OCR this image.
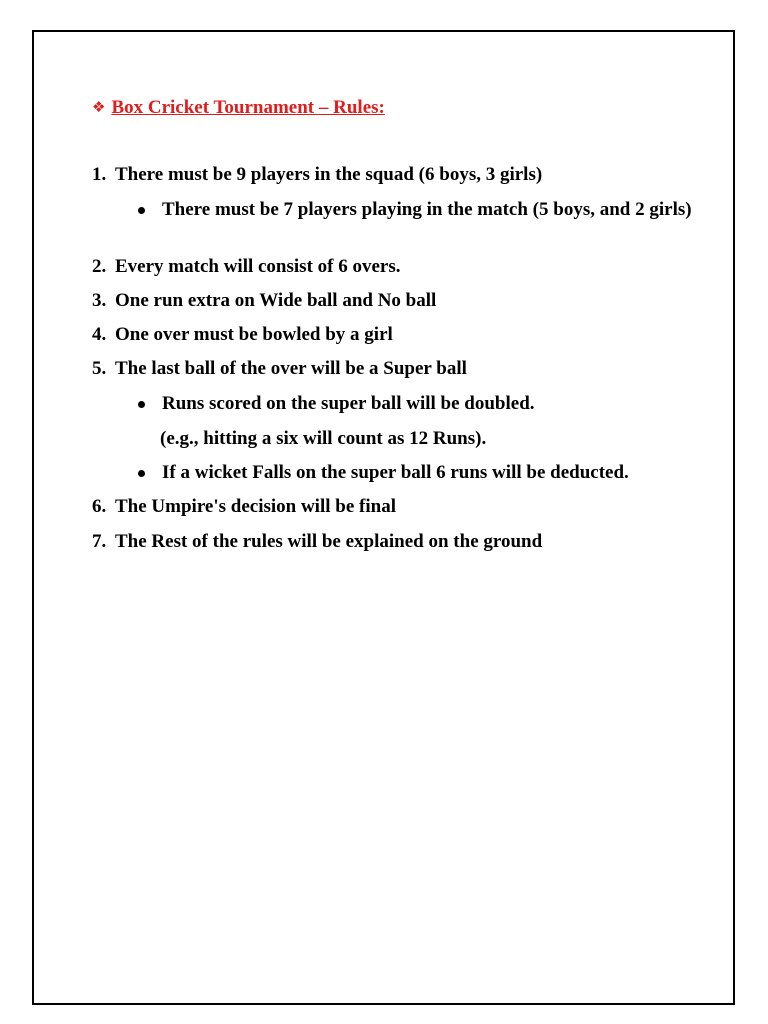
❖ Box Cricket Tournament – Rules:
1. There must be 9 players in the squad (6 boys, 3 girls)
There must be 7 players playing in the match (5 boys, and 2 girls)
2. Every match will consist of 6 overs.
3. One run extra on Wide ball and No ball
4. One over must be bowled by a girl
5. The last ball of the over will be a Super ball
Runs scored on the super ball will be doubled.
(e.g., hitting a six will count as 12 Runs).
If a wicket Falls on the super ball 6 runs will be deducted.
6. The Umpire's decision will be final
7. The Rest of the rules will be explained on the ground
